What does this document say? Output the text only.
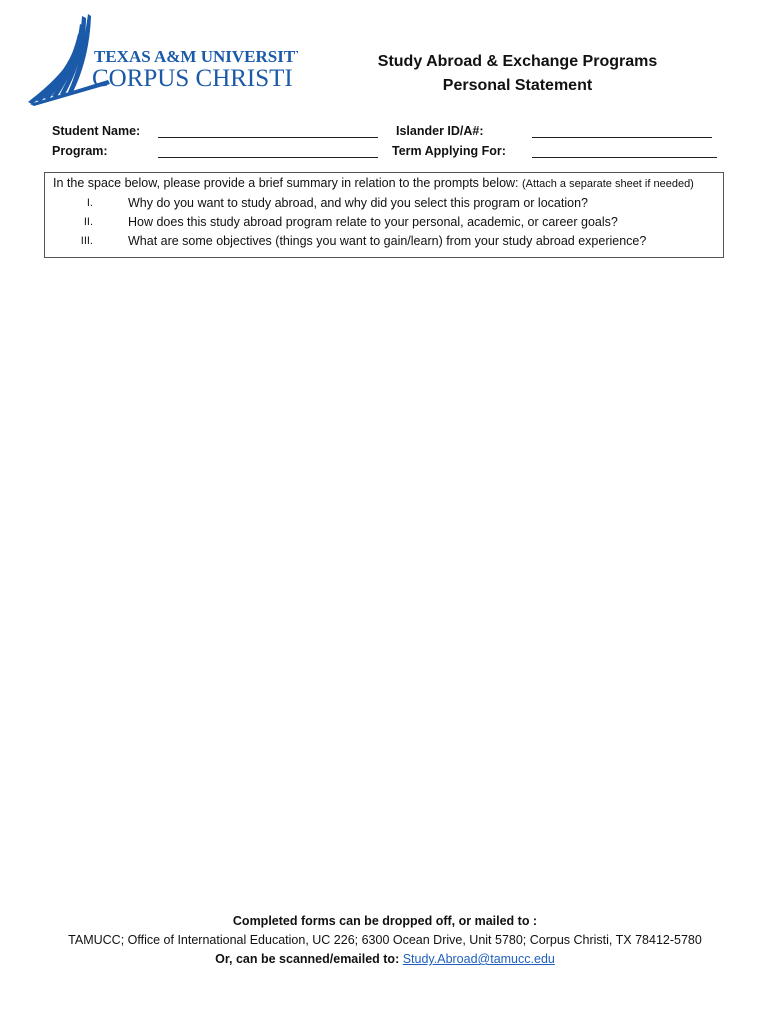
TEXAS A&M UNIVERSITY
CORPUS CHRISTI
Study Abroad & Exchange Programs
Personal Statement
Student Name:	Islander ID/A#:
Program:	Term Applying For:
In the space below, please provide a brief summary in relation to the prompts below: (Attach a separate sheet if needed)
I.	Why do you want to study abroad, and why did you select this program or location?
II.	How does this study abroad program relate to your personal, academic, or career goals?
III.	What are some objectives (things you want to gain/learn) from your study abroad experience?
Completed forms can be dropped off, or mailed to :
TAMUCC; Office of International Education, UC 226; 6300 Ocean Drive, Unit 5780; Corpus Christi, TX 78412-5780
Or, can be scanned/emailed to: Study.Abroad@tamucc.edu
